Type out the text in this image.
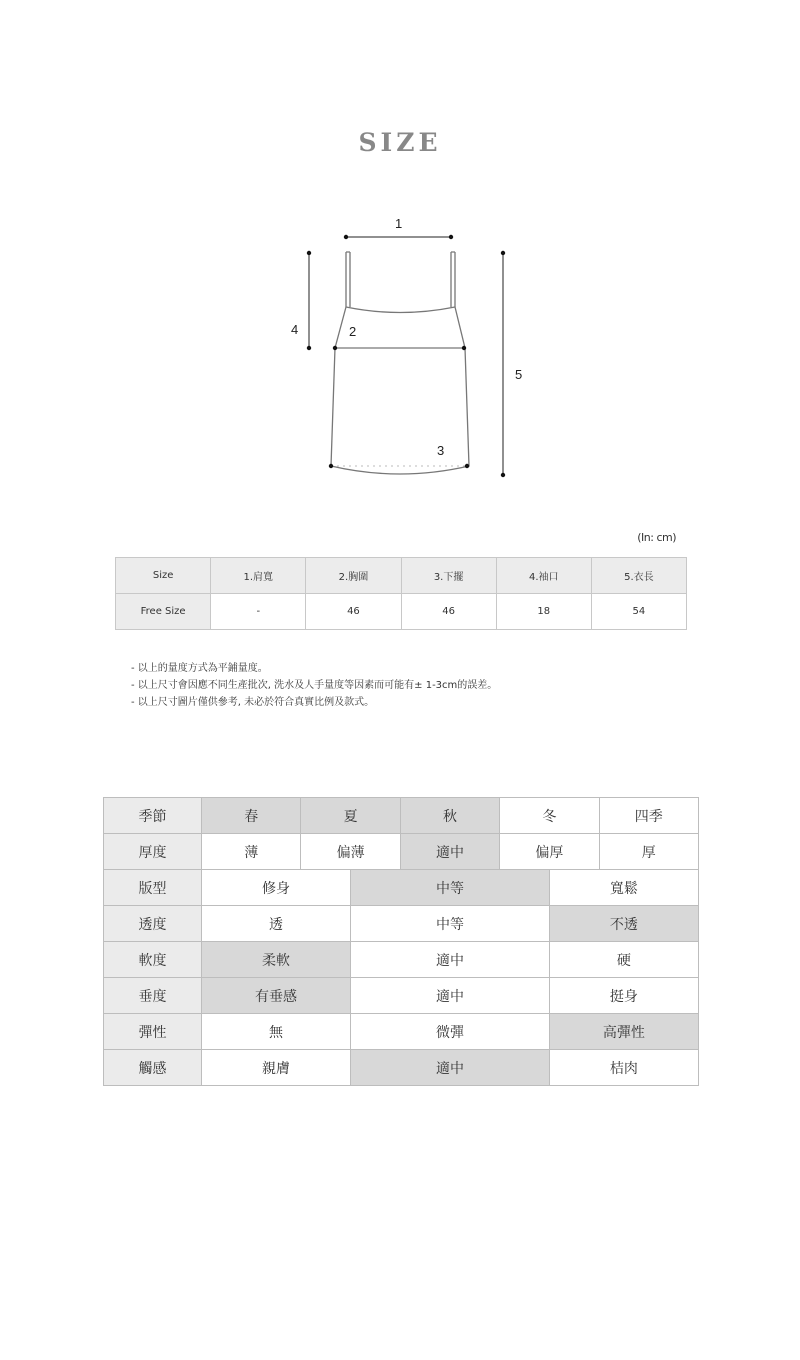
SIZE
1
2
3
4
5
(In: cm)
Size	1.肩寬	2.胸圍	3.下擺	4.袖口	5.衣長
Free Size	-	46	46	18	54
- 以上的量度方式為平鋪量度。
- 以上尺寸會因應不同生產批次, 洗水及人手量度等因素而可能有± 1-3cm的誤差。
- 以上尺寸圖片僅供參考, 未必於符合真實比例及款式。
季節	春	夏		秋	冬		四季
厚度	薄	偏薄		適中	偏厚		厚
版型	修身		中等			寬鬆	
透度	透		中等			不透	
軟度	柔軟		適中			硬	
垂度	有垂感		適中			挺身	
彈性	無		微彈			高彈性	
觸感	親膚		適中			桔肉	
